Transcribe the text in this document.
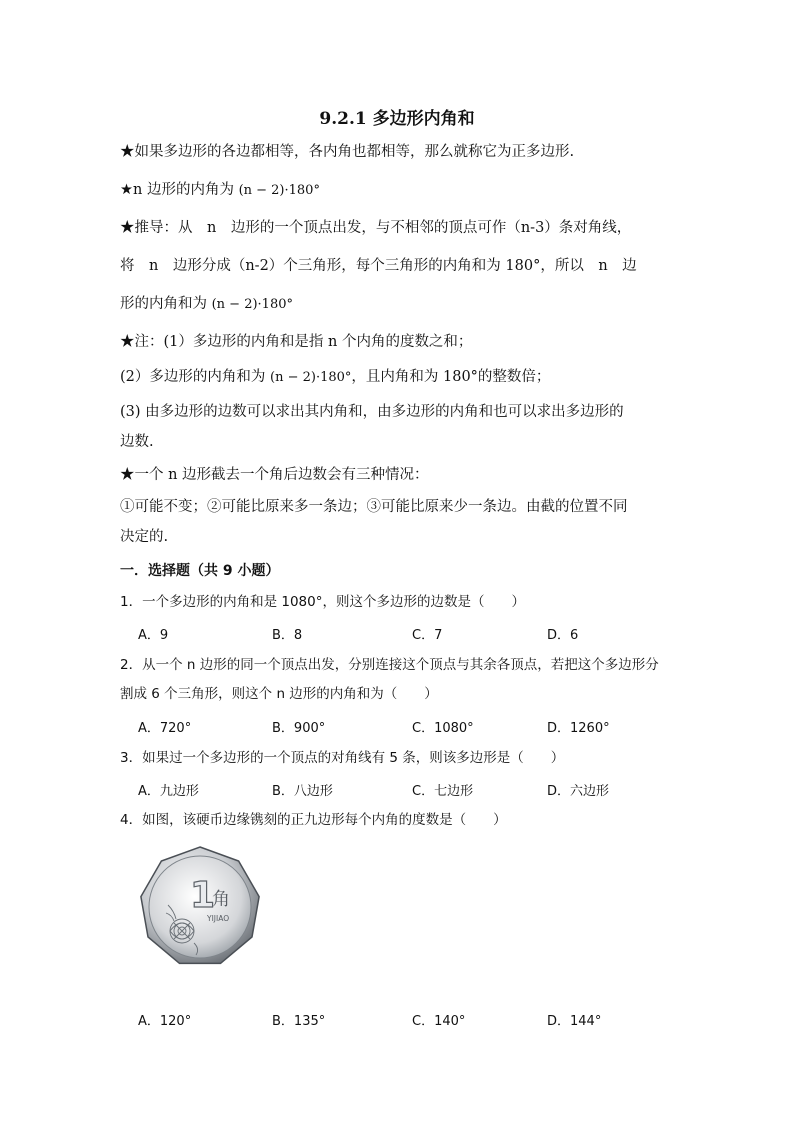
9.2.1 多边形内角和
★如果多边形的各边都相等，各内角也都相等，那么就称它为正多边形.
★n 边形的内角为 (n − 2)·180°
★推导：从　n　边形的一个顶点出发，与不相邻的顶点可作（n-3）条对角线，
将　n　边形分成（n-2）个三角形，每个三角形的内角和为 180°，所以　n　边
形的内角和为 (n − 2)·180°
★注：(1）多边形的内角和是指 n 个内角的度数之和；
(2）多边形的内角和为 (n − 2)·180°，且内角和为 180°的整数倍；
(3) 由多边形的边数可以求出其内角和，由多边形的内角和也可以求出多边形的
边数.
★一个 n 边形截去一个角后边数会有三种情况：
①可能不变；②可能比原来多一条边；③可能比原来少一条边。由截的位置不同
决定的.
一．选择题（共 9 小题）
1．一个多边形的内角和是 1080°，则这个多边形的边数是（　　）
A．9	B．8	C．7	D．6
2．从一个 n 边形的同一个顶点出发，分别连接这个顶点与其余各顶点，若把这个多边形分
割成 6 个三角形，则这个 n 边形的内角和为（　　）
A．720°	B．900°	C．1080°	D．1260°
3．如果过一个多边形的一个顶点的对角线有 5 条，则该多边形是（　　）
A．九边形	B．八边形	C．七边形	D．六边形
4．如图，该硬币边缘镌刻的正九边形每个内角的度数是（　　）
1
角
YIJIAO
A．120°	B．135°	C．140°	D．144°
